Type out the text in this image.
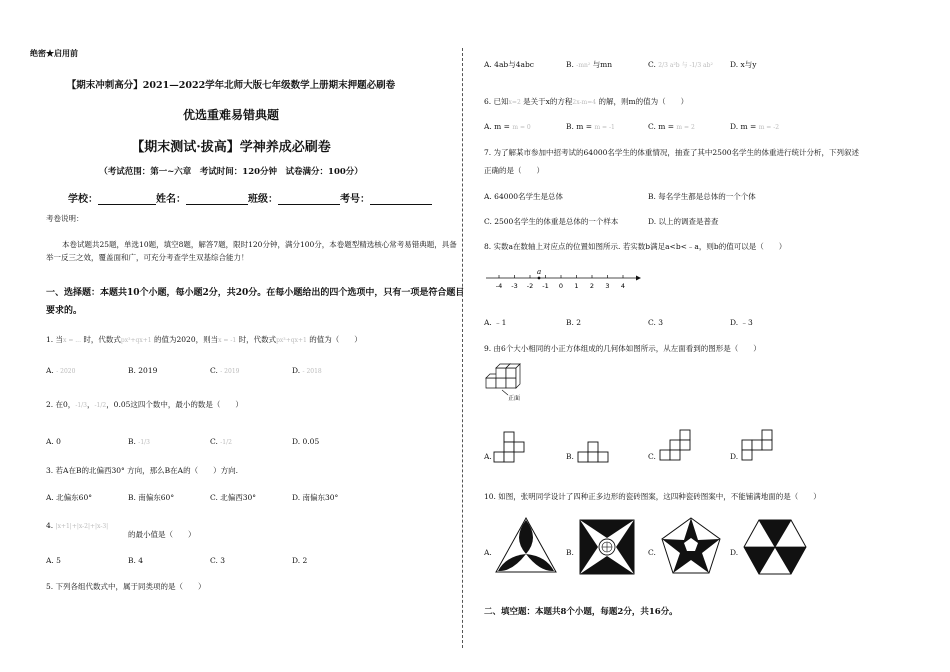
绝密★启用前
【期末冲刺高分】2021—2022学年北师大版七年级数学上册期末押题必刷卷
优选重难易错典题
【期末测试·拔高】学神养成必刷卷
（考试范围：第一~六章　考试时间：120分钟　试卷满分：100分）
学校：	姓名：	班级：	考号：
考卷说明：
本卷试题共25题，单选10题，填空8题，解答7题，限时120分钟，满分100分，本卷题型精选核心常考易错典题，具备举一反三之效，覆盖面和广，可充分考查学生双基综合能力！
一、选择题：本题共10个小题，每小题2分，共20分。在每小题给出的四个选项中，只有一项是符合题目要求的。
1. 当x = ... 时，代数式px³+qx+1 的值为2020，则当x = -1 时，代数式px³+qx+1 的值为（　　）
A. - 2020	B. 2019	C. - 2019	D. - 2018
2. 在0，-1/3，-1/2，0.05这四个数中，最小的数是（　　）
A. 0	B. -1/3	C. -1/2	D. 0.05
3. 若A在B的北偏西30° 方向，那么B在A的（　　）方向.
A. 北偏东60°	B. 南偏东60°	C. 北偏西30°	D. 南偏东30°
4. |x+1|+|x-2|+|x-3|
的最小值是（　　）
A. 5	B. 4	C. 3	D. 2
5. 下列各组代数式中，属于同类项的是（　　）
A. 4ab与4abc	B. -mn² 与mn	C. 2/3 a²b 与 -1/3 ab² D. x与y
6. 已知x=2 是关于x的方程2x-m=4 的解，则m的值为（　　）
A. m = m = 0	B. m = m = -1	C. m = m = 2	D. m = m = -2
7. 为了解某市参加中招考试的64000名学生的体重情况，抽查了其中2500名学生的体重进行统计分析，下列叙述
正确的是（　　）
A. 64000名学生是总体	B. 每名学生都是总体的一个个体
C. 2500名学生的体重是总体的一个样本	D. 以上的调查是普查
8. 实数a在数轴上对应点的位置如图所示. 若实数b满足a<b<﹣a，则b的值可以是（　　）
-4 -3 -2 -1 0 1 2 3 4
a
A. ﹣1	B. 2	C. 3	D. ﹣3
9. 由6个大小相同的小正方体组成的几何体如图所示，从左面看到的图形是（　　）
正面
A.	B.	C.	D.
10. 如图，张明同学设计了四种正多边形的瓷砖图案，这四种瓷砖图案中，不能铺满地面的是（　　）
A.	B.	C.	D.
二、填空题：本题共8个小题，每题2分，共16分。
